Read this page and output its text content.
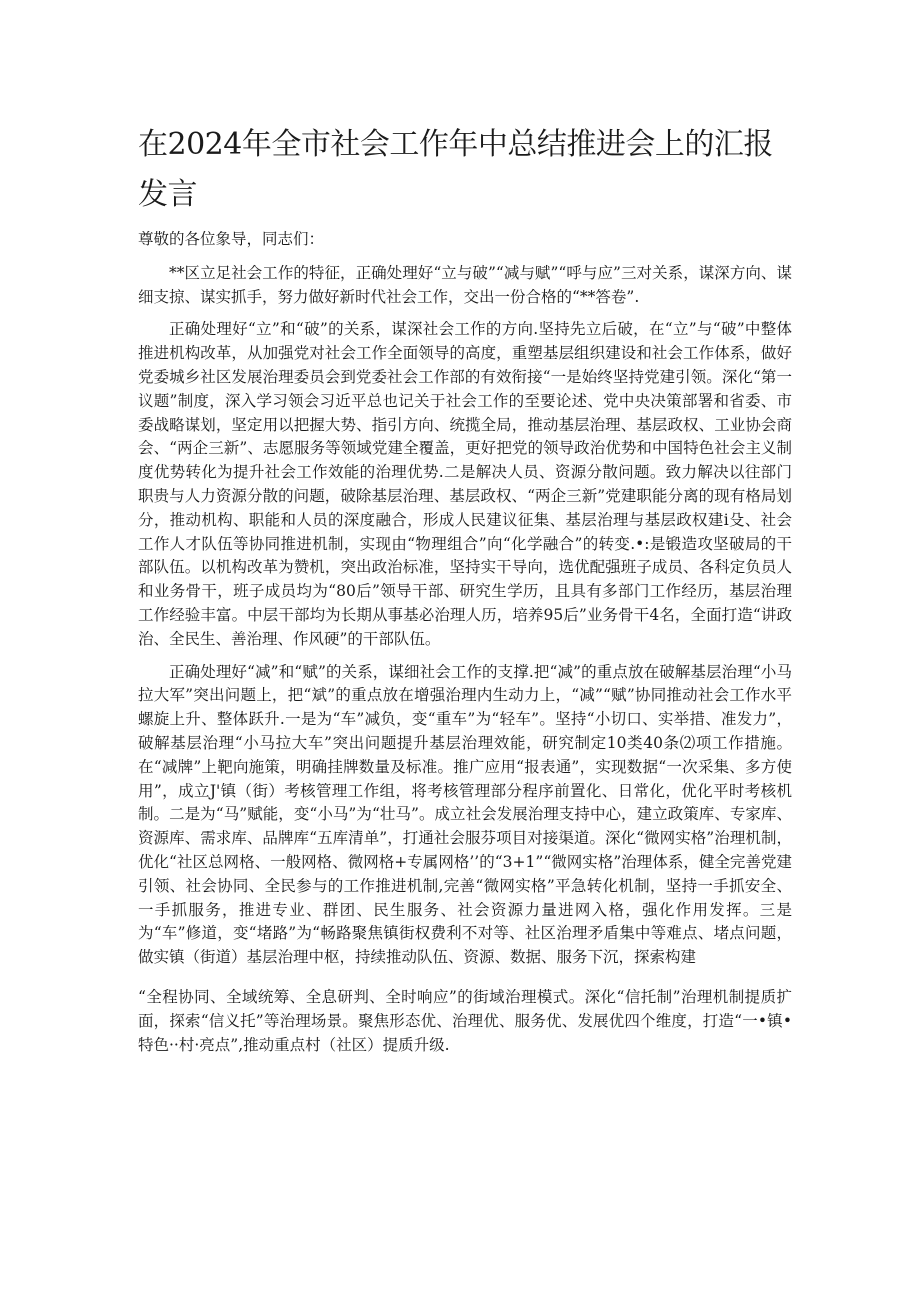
在2024年全市社会工作年中总结推进会上的汇报发言

尊敬的各位象导，同志们：

**区立足社会工作的特征，正确处理好“立与破”“减与赋”“呼与应”三对关系，谋深方向、谋细支掠、谋实抓手，努力做好新时代社会工作，交出一份合格的“**答卷”.

正确处理好“立”和“破”的关系，谋深社会工作的方向.坚持先立后破，在“立”与“破”中整体推进机构改革，从加强党对社会工作全面领导的高度，重塑基层组织建设和社会工作体系，做好党委城乡社区发展治理委员会到党委社会工作部的有效衔接“一是始终坚持党建引领。深化“第一议题”制度，深入学习领会习近平总也记关于社会工作的至要论述、党中央决策部署和省委、市委战略谋划，坚定用以把握大势、指引方向、统揽全局，推动基层治理、基层政权、工业协会商会、“两企三新”、志愿服务等领域党建全覆盖，更好把党的领导政治优势和中国特色社会主义制度优势转化为提升社会工作效能的治理优势.二是解决人员、资源分散问题。致力解决以往部门职贵与人力资源分散的问题，破除基层治理、基层政权、“两企三新”党建职能分离的现有格局划分，推动机构、职能和人员的深度融合，形成人民建议征集、基层治理与基层政权建i殳、社会工作人才队伍等协同推进机制，实现由“物理组合”向“化学融合”的转变.•:是锻造攻坚破局的干部队伍。以机构改革为赞机，突出政治标准，坚持实干导向，选优配强班子成员、各科定负员人和业务骨干，班子成员均为“80后”领导干部、研究生学历，且具有多部门工作经历，基层治理工作经验丰富。中层干部均为长期从事基必治理人历，培养95后”业务骨干4名，全面打造“讲政治、全民生、善治理、作风硬”的干部队伍。

正确处理好“减”和“赋”的关系，谋细社会工作的支撑.把“减”的重点放在破解基层治理“小马拉大军”突出问题上，把“斌”的重点放在增强治理内生动力上，“减”“赋”协同推动社会工作水平螺旋上升、整体跃升.一是为“车”减负，变“重车”为“轻车”。坚持“小切口、实举措、准发力”，破解基层治理“小马拉大车”突出问题提升基层治理效能，研究制定10类40条⑵项工作措施。在“减牌”上靶向施策，明确挂牌数量及标准。推广应用“报表通”，实现数据“一次采集、多方使用”，成立J'镇（街）考核管理工作组，将考核管理部分程序前置化、日常化，优化平时考核机制。二是为“马”赋能，变“小马”为“壮马”。成立社会发展治理支持中心，建立政策库、专家库、资源库、需求库、品牌库“五库清单”，打通社会服芬项目对接渠道。深化“微网实格”治理机制，优化“社区总网格、一般网格、微网格+专属网格’’的“3+1”“微网实格”治理体系，健全完善党建引领、社会协同、全民参与的工作推进机制,完善“微网实格”平急转化机制，坚持一手抓安全、一手抓服务，推进专业、群团、民生服务、社会资源力量进网入格，强化作用发挥。三是为“车”修道，变“堵路”为“畅路聚焦镇街权费利不对等、社区治理矛盾集中等难点、堵点问题，做实镇（街道）基层治理中枢，持续推动队伍、资源、数据、服务下沉，探索构建

“全程协同、全域统筹、全息研判、全时响应”的街域治理模式。深化“信托制”治理机制提质扩面，探索“信义托”等治理场景。聚焦形态优、治理优、服务优、发展优四个维度，打造“一•镇•特色··村·亮点”,推动重点村（社区）提质升级.
